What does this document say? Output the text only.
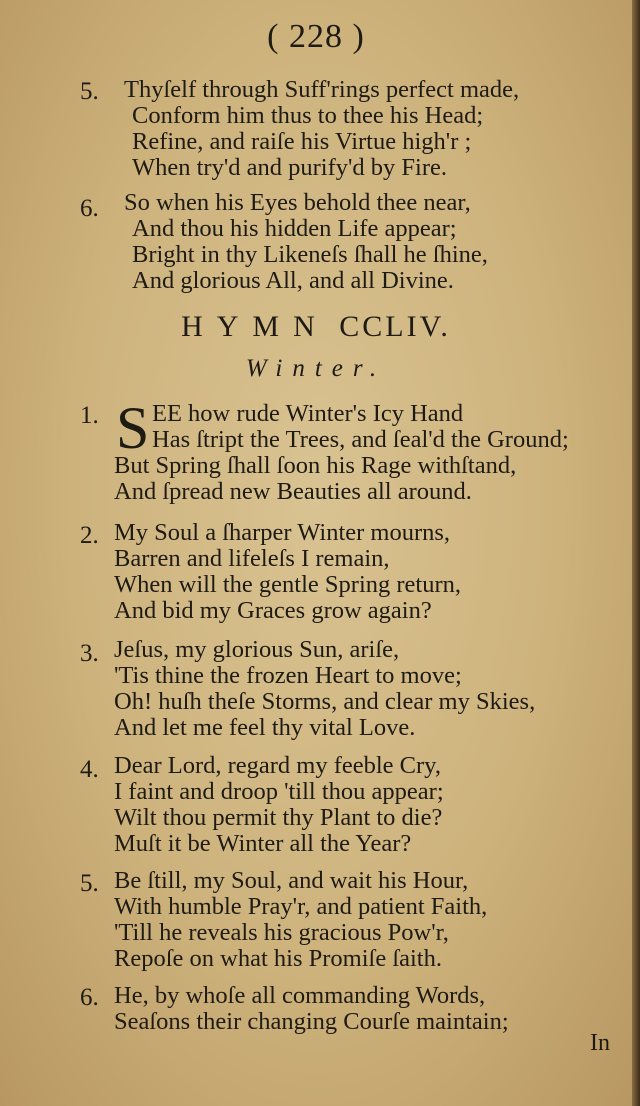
( 228 )
5. Thyſelf through Suff'rings perfect made,
Conform him thus to thee his Head;
Refine, and raiſe his Virtue high'r ;
When try'd and purify'd by Fire.
6. So when his Eyes behold thee near,
And thou his hidden Life appear;
Bright in thy Likeneſs ſhall he ſhine,
And glorious All, and all Divine.
HYMN CCLIV.
Winter.
1. S EE how rude Winter's Icy Hand
Has ſtript the Trees, and ſeal'd the Ground;
But Spring ſhall ſoon his Rage withſtand,
And ſpread new Beauties all around.
2. My Soul a ſharper Winter mourns,
Barren and lifeleſs I remain,
When will the gentle Spring return,
And bid my Graces grow again?
3. Jeſus, my glorious Sun, ariſe,
'Tis thine the frozen Heart to move;
Oh! huſh theſe Storms, and clear my Skies,
And let me feel thy vital Love.
4. Dear Lord, regard my feeble Cry,
I faint and droop 'till thou appear;
Wilt thou permit thy Plant to die?
Muſt it be Winter all the Year?
5. Be ſtill, my Soul, and wait his Hour,
With humble Pray'r, and patient Faith,
'Till he reveals his gracious Pow'r,
Repoſe on what his Promiſe ſaith.
6. He, by whoſe all commanding Words,
Seaſons their changing Courſe maintain;
In
